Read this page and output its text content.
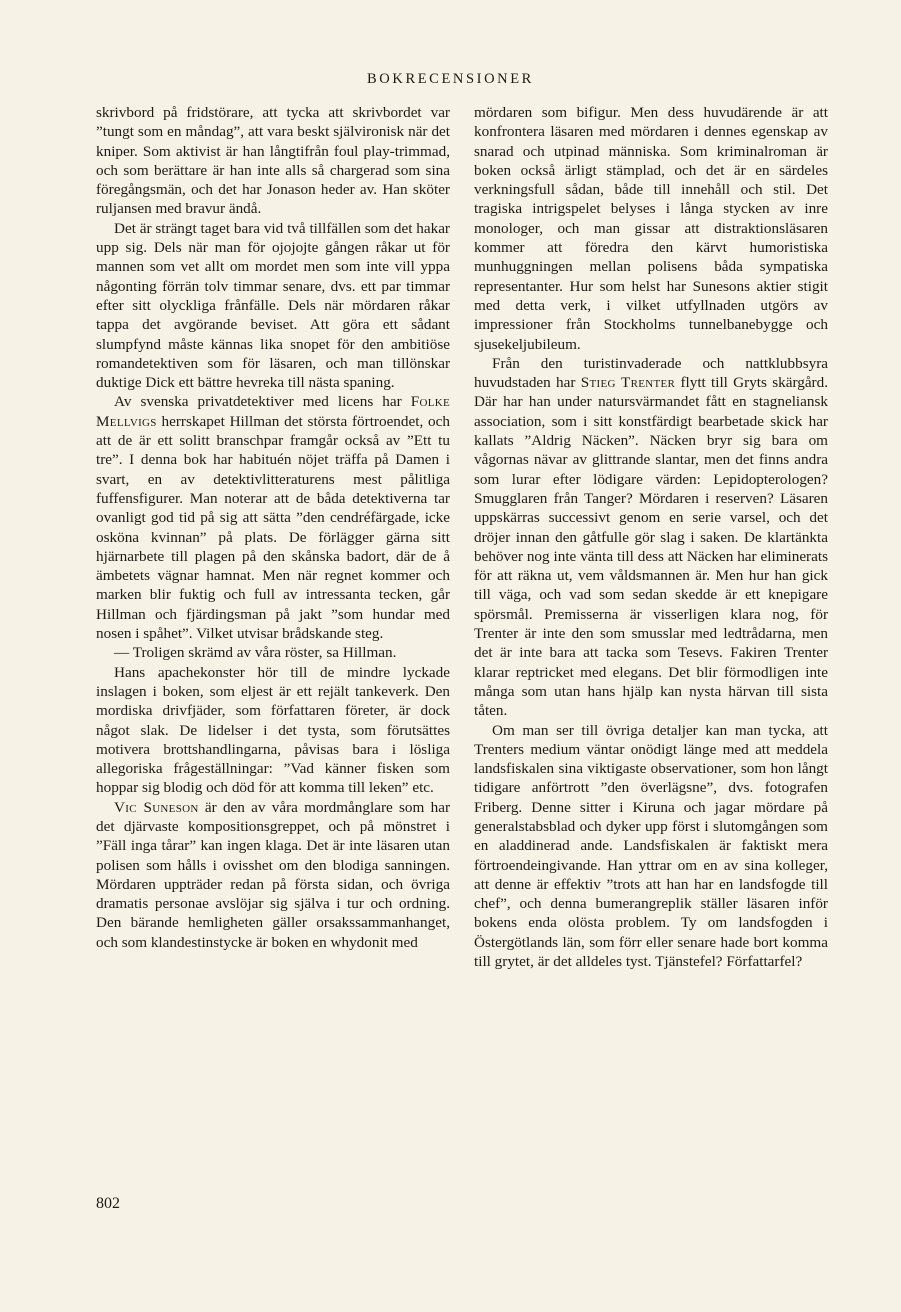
BOKRECENSIONER

skrivbord på fridstörare, att tycka att skrivbordet var ”tungt som en måndag”, att vara beskt självironisk när det kniper. Som aktivist är han långtifrån foul play-trimmad, och som berättare är han inte alls så chargerad som sina föregångsmän, och det har Jonason heder av. Han sköter ruljansen med bravur ändå.

Det är strängt taget bara vid två tillfällen som det hakar upp sig. Dels när man för ojojojte gången råkar ut för mannen som vet allt om mordet men som inte vill yppa någonting förrän tolv timmar senare, dvs. ett par timmar efter sitt olyckliga frånfälle. Dels när mördaren råkar tappa det avgörande beviset. Att göra ett sådant slumpfynd måste kännas lika snopet för den ambitiöse romandetektiven som för läsaren, och man tillönskar duktige Dick ett bättre hevreka till nästa spaning.

Av svenska privatdetektiver med licens har Folke Mellvigs herrskapet Hillman det största förtroendet, och att de är ett solitt branschpar framgår också av ”Ett tu tre”. I denna bok har habituén nöjet träffa på Damen i svart, en av detektivlitteraturens mest pålitliga fuffensfigurer. Man noterar att de båda detektiverna tar ovanligt god tid på sig att sätta ”den cendréfärgade, icke osköna kvinnan” på plats. De förlägger gärna sitt hjärnarbete till plagen på den skånska badort, där de å ämbetets vägnar hamnat. Men när regnet kommer och marken blir fuktig och full av intressanta tecken, går Hillman och fjärdingsman på jakt ”som hundar med nosen i spåhet”. Vilket utvisar brådskande steg.

— Troligen skrämd av våra röster, sa Hillman.

Hans apachekonster hör till de mindre lyckade inslagen i boken, som eljest är ett rejält tankeverk. Den mordiska drivfjäder, som författaren företer, är dock något slak. De lidelser i det tysta, som förutsättes motivera brottshandlingarna, påvisas bara i lösliga allegoriska frågeställningar: ”Vad känner fisken som hoppar sig blodig och död för att komma till leken” etc.

Vic Suneson är den av våra mordmånglare som har det djärvaste kompositionsgreppet, och på mönstret i ”Fäll inga tårar” kan ingen klaga. Det är inte läsaren utan polisen som hålls i ovisshet om den blodiga sanningen. Mördaren uppträder redan på första sidan, och övriga dramatis personae avslöjar sig själva i tur och ordning. Den bärande hemligheten gäller orsakssammanhanget, och som klandestinstycke är boken en whydonit med

mördaren som bifigur. Men dess huvudärende är att konfrontera läsaren med mördaren i dennes egenskap av snarad och utpinad människa. Som kriminalroman är boken också ärligt stämplad, och det är en särdeles verkningsfull sådan, både till innehåll och stil. Det tragiska intrigspelet belyses i långa stycken av inre monologer, och man gissar att distraktionsläsaren kommer att föredra den kärvt humoristiska munhuggningen mellan polisens båda sympatiska representanter. Hur som helst har Sunesons aktier stigit med detta verk, i vilket utfyllnaden utgörs av impressioner från Stockholms tunnelbanebygge och sjusekeljubileum.

Från den turistinvaderade och nattklubbsyra huvudstaden har Stieg Trenter flytt till Gryts skärgård. Där har han under natursvärmandet fått en stagneliansk association, som i sitt konstfärdigt bearbetade skick har kallats ”Aldrig Näcken”. Näcken bryr sig bara om vågornas nävar av glittrande slantar, men det finns andra som lurar efter lödigare värden: Lepidopterologen? Smugglaren från Tanger? Mördaren i reserven? Läsaren uppskärras successivt genom en serie varsel, och det dröjer innan den gåtfulle gör slag i saken. De klartänkta behöver nog inte vänta till dess att Näcken har eliminerats för att räkna ut, vem våldsmannen är. Men hur han gick till väga, och vad som sedan skedde är ett knepigare spörsmål. Premisserna är visserligen klara nog, för Trenter är inte den som smusslar med ledtrådarna, men det är inte bara att tacka som Tesevs. Fakiren Trenter klarar reptricket med elegans. Det blir förmodligen inte många som utan hans hjälp kan nysta härvan till sista tåten.

Om man ser till övriga detaljer kan man tycka, att Trenters medium väntar onödigt länge med att meddela landsfiskalen sina viktigaste observationer, som hon långt tidigare anförtrott ”den överlägsne”, dvs. fotografen Friberg. Denne sitter i Kiruna och jagar mördare på generalstabsblad och dyker upp först i slutomgången som en aladdinerad ande. Landsfiskalen är faktiskt mera förtroendeingivande. Han yttrar om en av sina kolleger, att denne är effektiv ”trots att han har en landsfogde till chef”, och denna bumerangreplik ställer läsaren inför bokens enda olösta problem. Ty om landsfogden i Östergötlands län, som förr eller senare hade bort komma till grytet, är det alldeles tyst. Tjänstefel? Författarfel?

802
